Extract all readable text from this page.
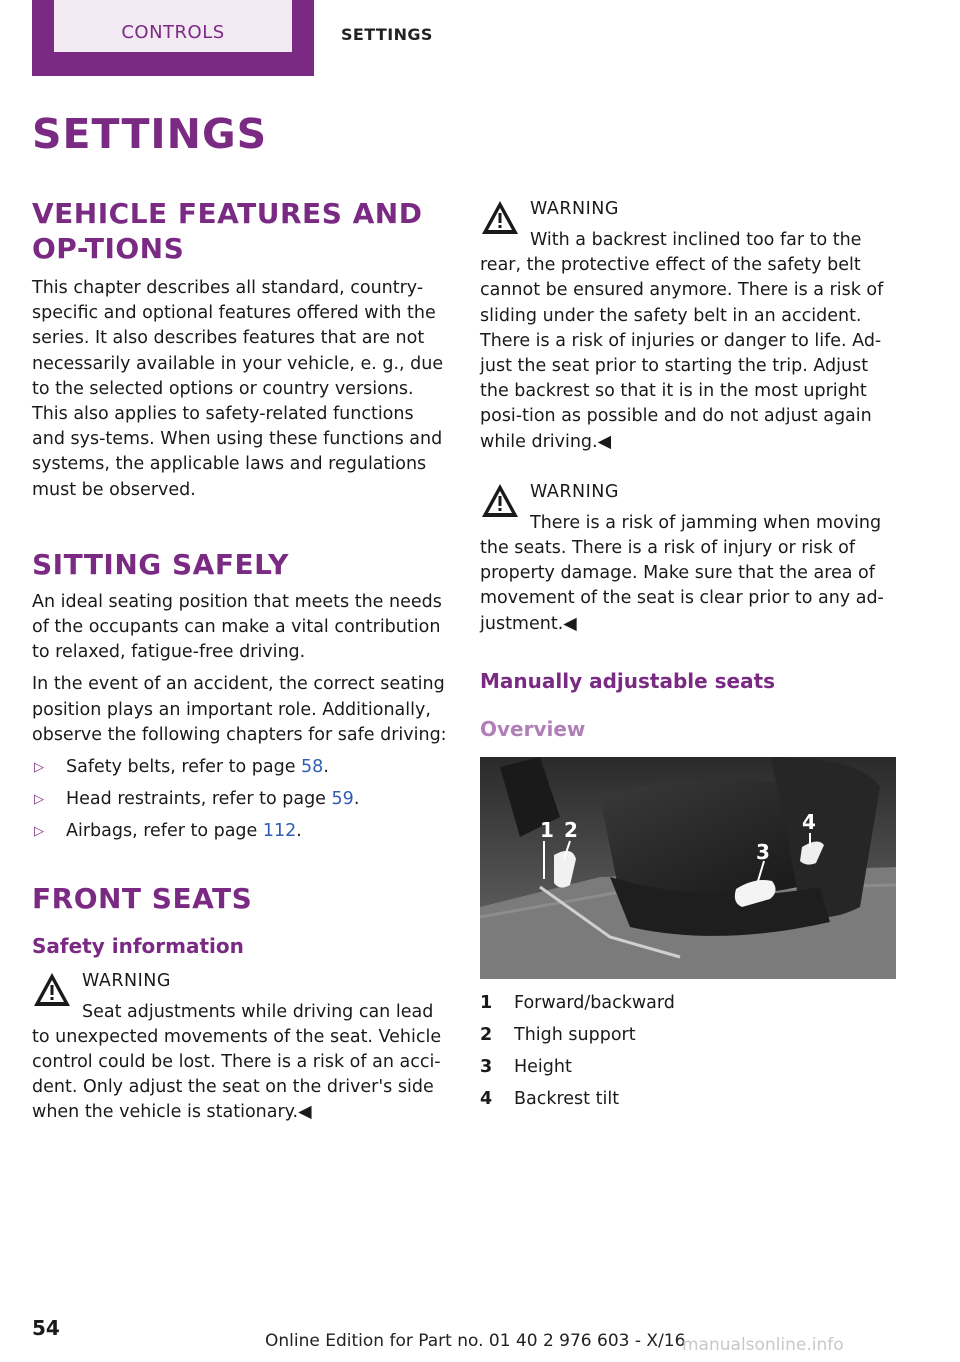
CONTROLS	SETTINGS
SETTINGS
VEHICLE FEATURES AND OP-TIONS

This chapter describes all standard, country-specific and optional features offered with the series. It also describes features that are not necessarily available in your vehicle, e. g., due to the selected options or country versions. This also applies to safety-related functions and sys-tems. When using these functions and systems, the applicable laws and regulations must be observed.

SITTING SAFELY

An ideal seating position that meets the needs of the occupants can make a vital contribution to relaxed, fatigue-free driving.

In the event of an accident, the correct seating position plays an important role. Additionally, observe the following chapters for safe driving:

▷ Safety belts, refer to page 58.
▷ Head restraints, refer to page 59.
▷ Airbags, refer to page 112.
FRONT SEATS
Safety information
WARNING
Seat adjustments while driving can lead
to unexpected movements of the seat. Vehicle control could be lost. There is a risk of an acci-dent. Only adjust the seat on the driver's side when the vehicle is stationary.◀
WARNING
With a backrest inclined too far to the
rear, the protective effect of the safety belt cannot be ensured anymore. There is a risk of sliding under the safety belt in an accident. There is a risk of injuries or danger to life. Ad-just the seat prior to starting the trip. Adjust the backrest so that it is in the most upright posi-tion as possible and do not adjust again while driving.◀
WARNING
There is a risk of jamming when moving
the seats. There is a risk of injury or risk of property damage. Make sure that the area of movement of the seat is clear prior to any ad-justment.◀
Manually adjustable seats
Overview
1 2
3
4
1 Forward/backward
2 Thigh support
3 Height
4 Backrest tilt
54
Online Edition for Part no. 01 40 2 976 603 - X/16
manualsonline.info
